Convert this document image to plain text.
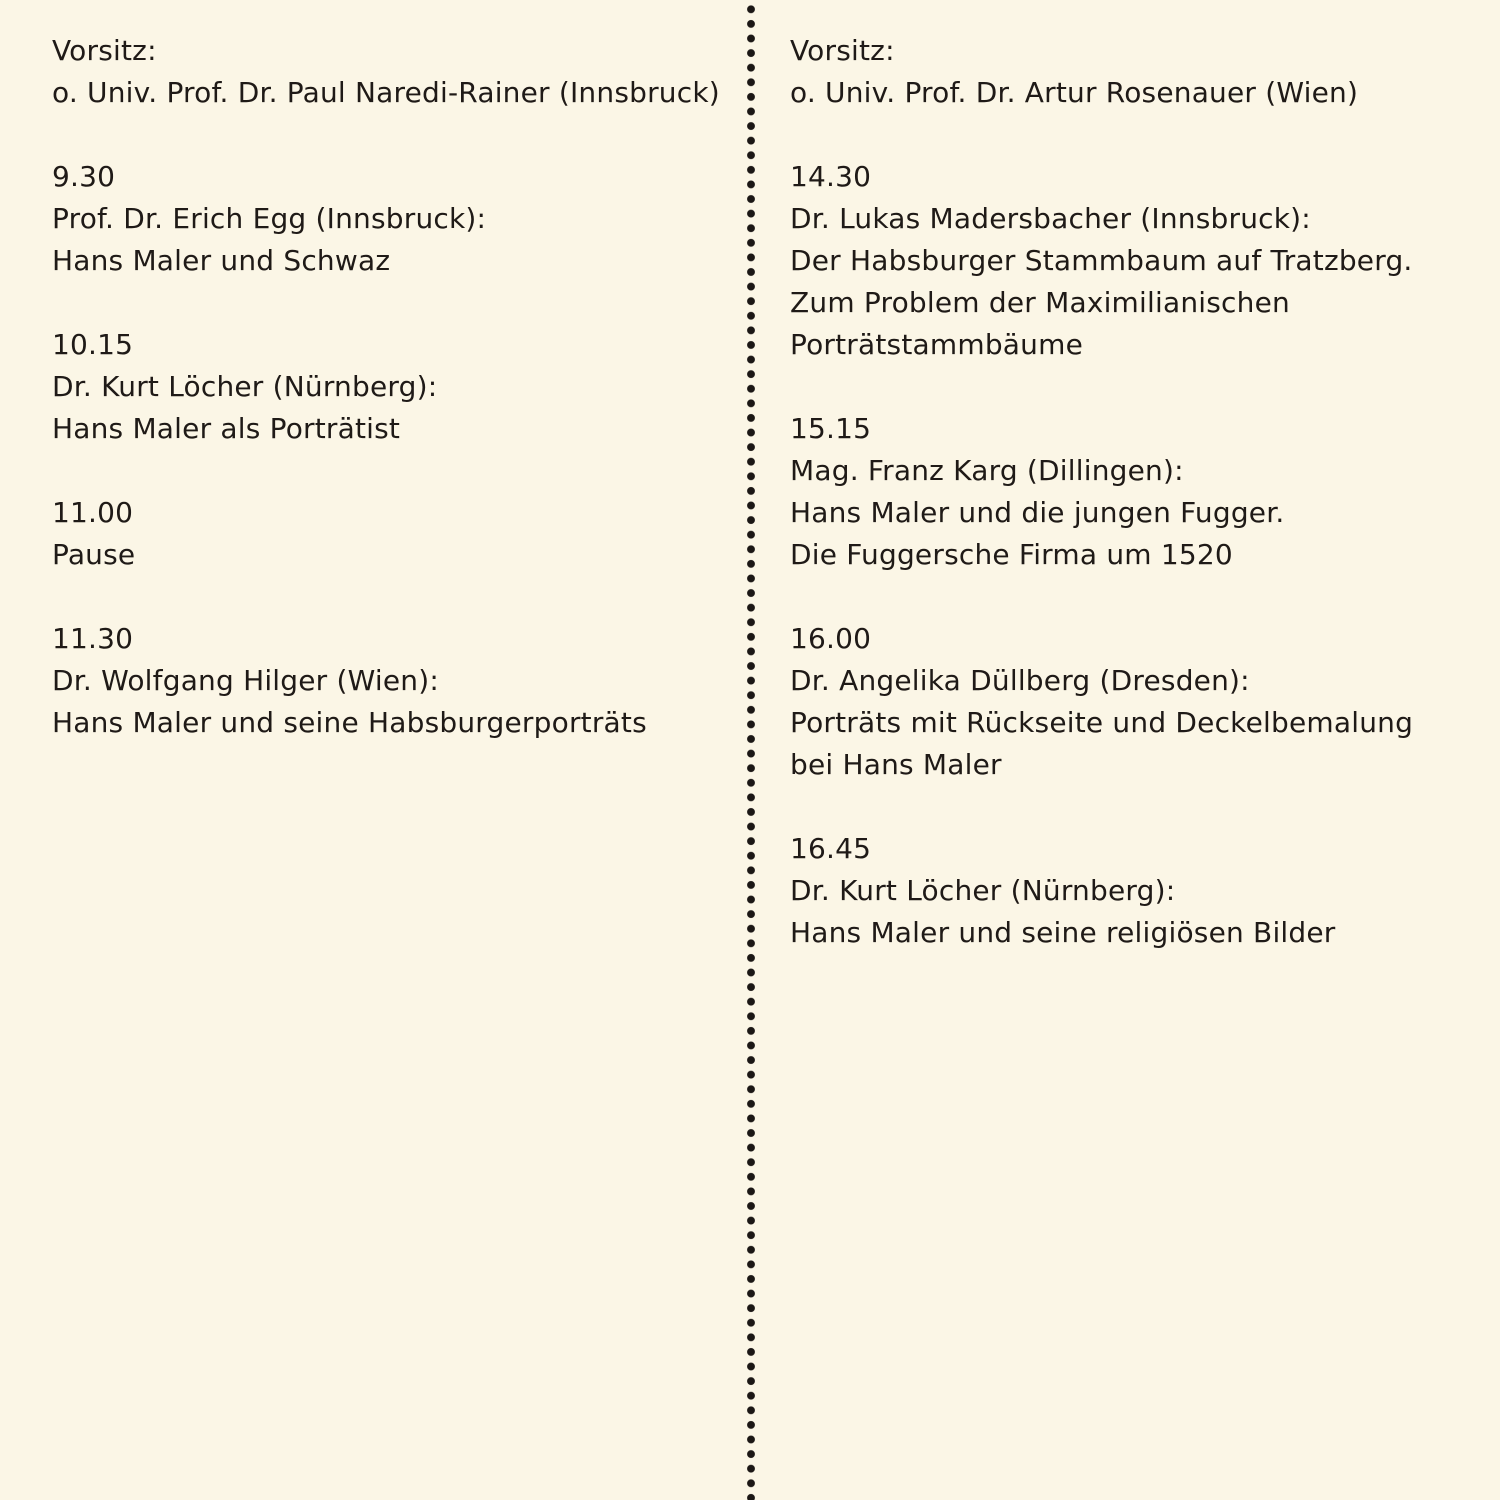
Vorsitz:
o. Univ. Prof. Dr. Paul Naredi-Rainer (Innsbruck)
9.30
Prof. Dr. Erich Egg (Innsbruck):
Hans Maler und Schwaz
10.15
Dr. Kurt Löcher (Nürnberg):
Hans Maler als Porträtist
11.00
Pause
11.30
Dr. Wolfgang Hilger (Wien):
Hans Maler und seine Habsburgerporträts
Vorsitz:
o. Univ. Prof. Dr. Artur Rosenauer (Wien)
14.30
Dr. Lukas Madersbacher (Innsbruck):
Der Habsburger Stammbaum auf Tratzberg.
Zum Problem der Maximilianischen
Porträtstammbäume
15.15
Mag. Franz Karg (Dillingen):
Hans Maler und die jungen Fugger.
Die Fuggersche Firma um 1520
16.00
Dr. Angelika Düllberg (Dresden):
Porträts mit Rückseite und Deckelbemalung
bei Hans Maler
16.45
Dr. Kurt Löcher (Nürnberg):
Hans Maler und seine religiösen Bilder
